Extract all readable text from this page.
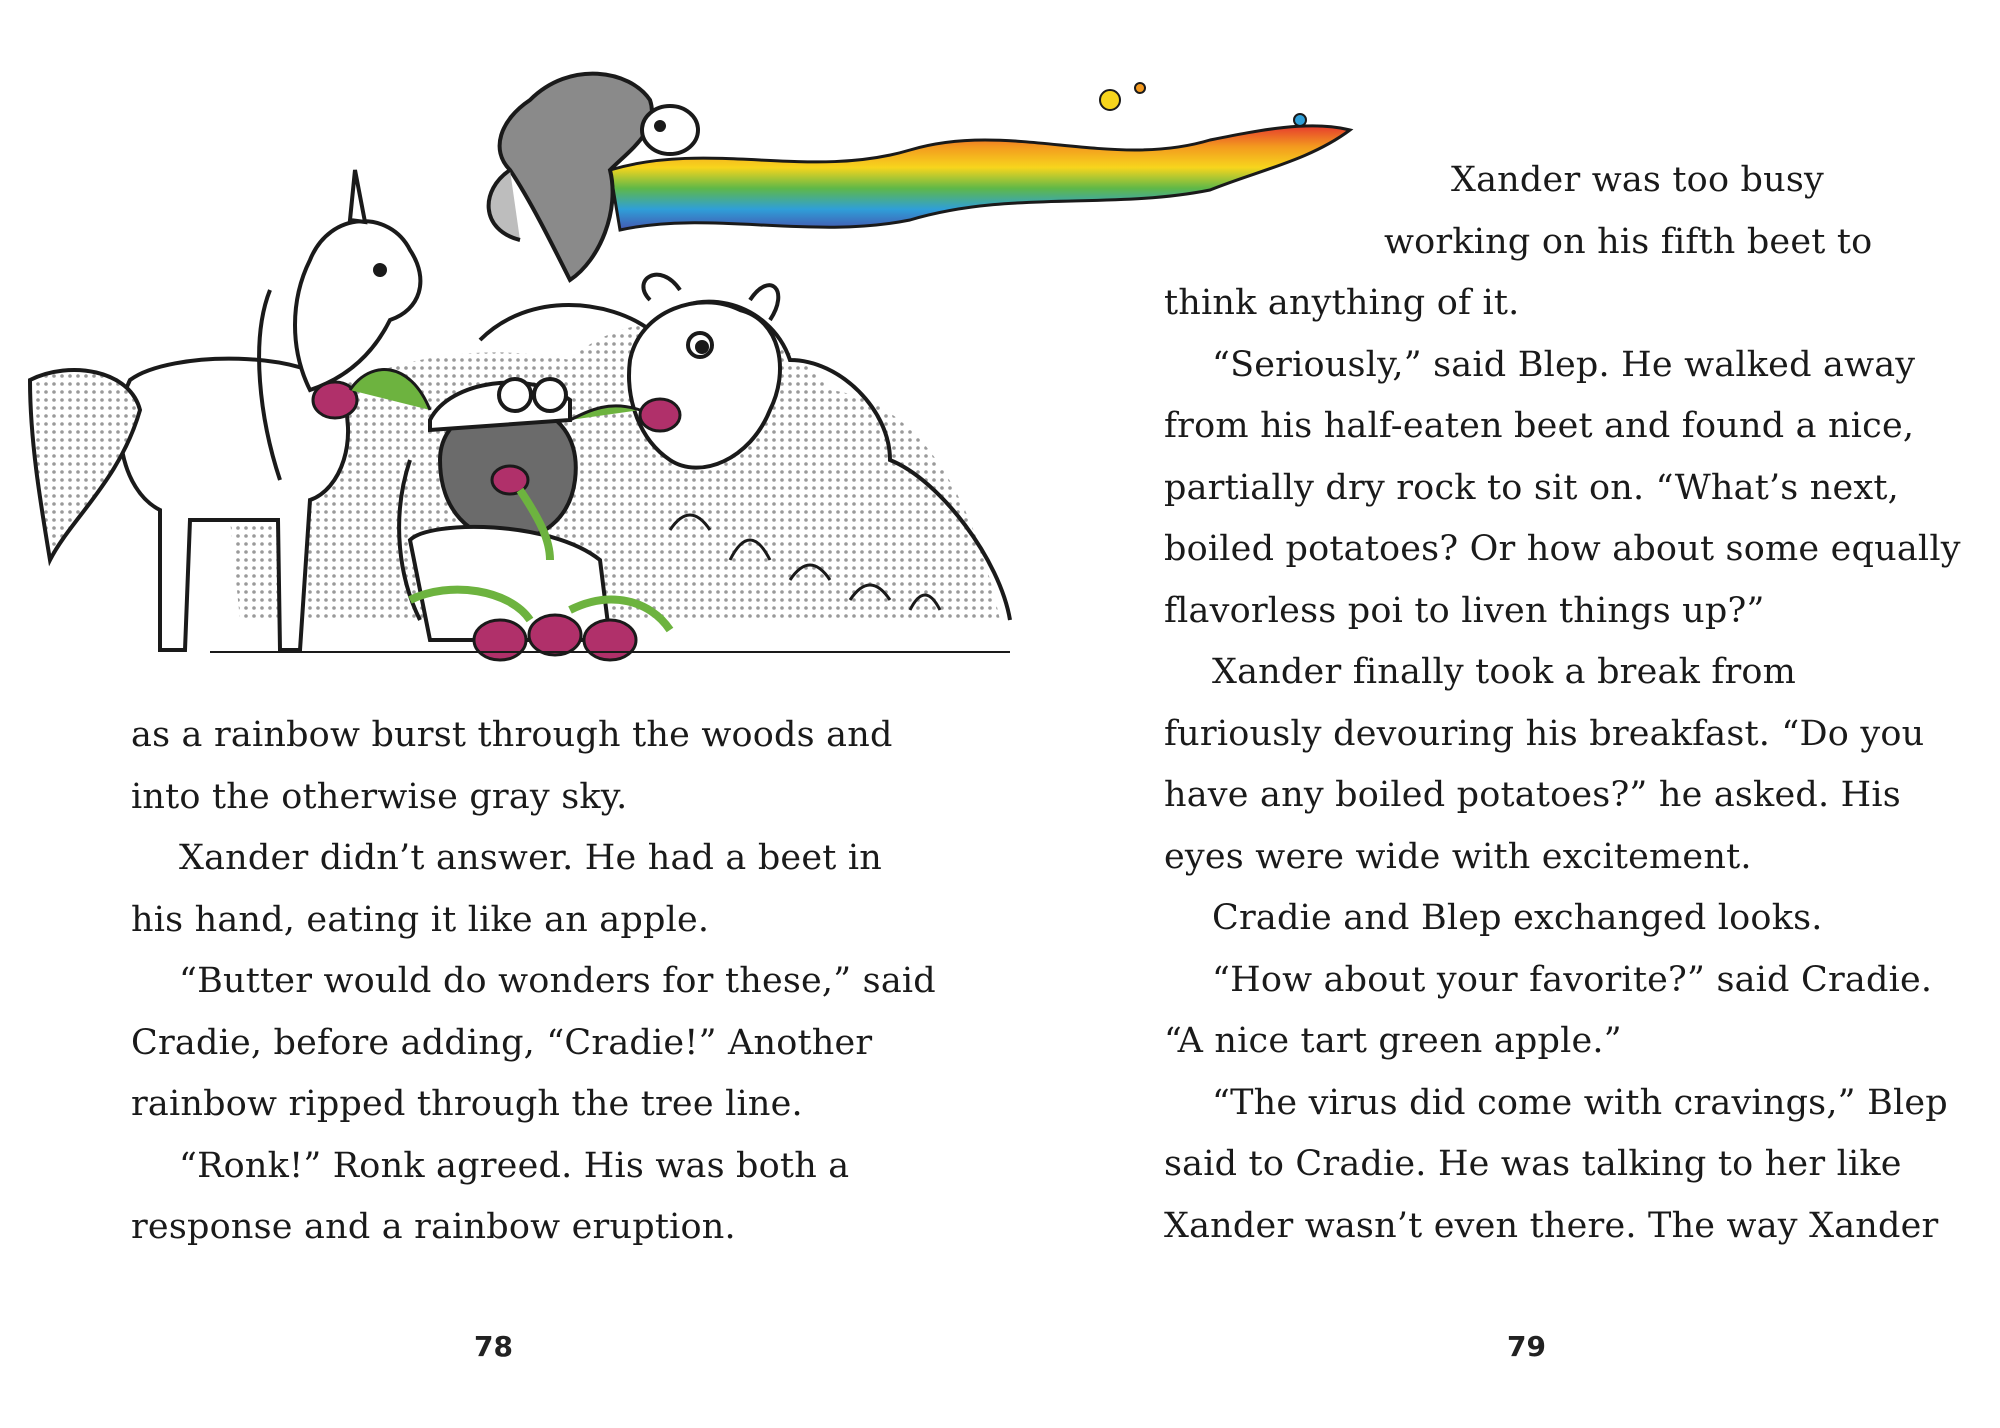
as a rainbow burst through the woods and
into the otherwise gray sky.

Xander didn’t answer. He had a beet in
his hand, eating it like an apple.

“Butter would do wonders for these,” said
Cradie, before adding, “Cradie!” Another
rainbow ripped through the tree line.

“Ronk!” Ronk agreed. His was both a
response and a rainbow eruption.

78	79

Xander was too busy
working on his fifth beet to
think anything of it.

“Seriously,” said Blep. He walked away
from his half-eaten beet and found a nice,
partially dry rock to sit on. “What’s next,
boiled potatoes? Or how about some equally
flavorless poi to liven things up?”

Xander finally took a break from
furiously devouring his breakfast. “Do you
have any boiled potatoes?” he asked. His
eyes were wide with excitement.

Cradie and Blep exchanged looks.

“How about your favorite?” said Cradie.
“A nice tart green apple.”

“The virus did come with cravings,” Blep
said to Cradie. He was talking to her like
Xander wasn’t even there. The way Xander
